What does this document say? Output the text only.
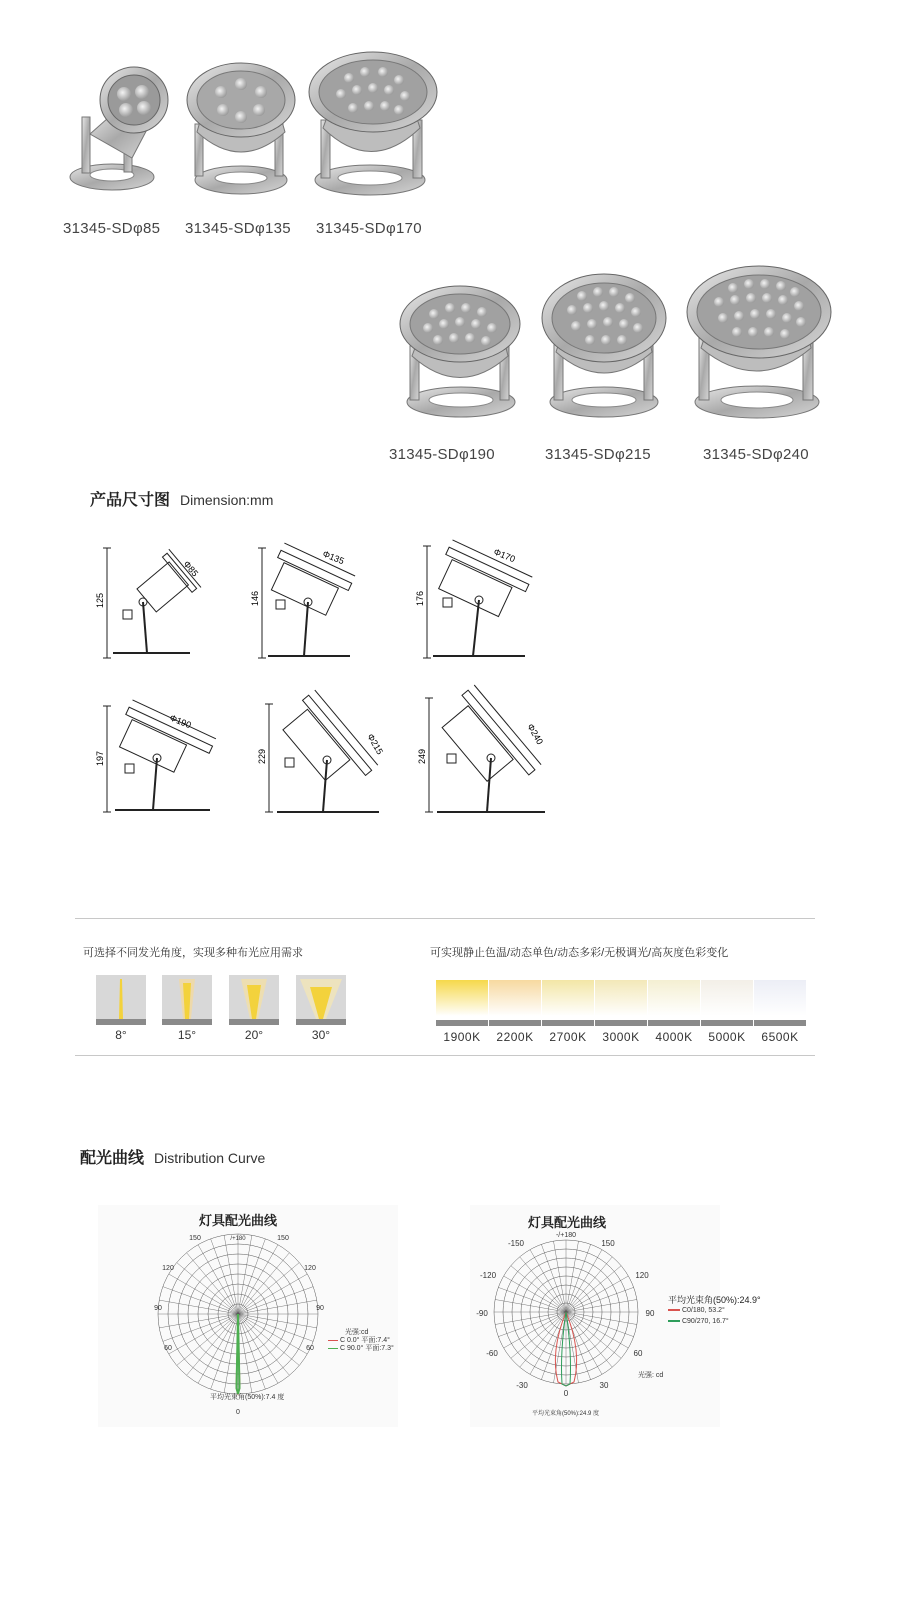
31345-SDφ85 31345-SDφ135 31345-SDφ170
31345-SDφ190	31345-SDφ215	31345-SDφ240
产品尺寸图 Dimension:mm
125
Φ85
146
Φ135
176
Φ170
197
Φ190
229
Φ215
249
Φ240
可选择不同发光角度，实现多种布光应用需求
8°	15°	20°	30°
可实现静止色温/动态单色/动态多彩/无极调光/高灰度色彩变化
1900K	2200K	2700K	3000K	4000K	5000K	6500K
配光曲线 Distribution Curve
灯具配光曲线	灯具配光曲线
/+180
150	150
120	120
90	90
60	60
0
-/+180
-150	150
-120	120
-90	90
-60	60
-30	30
0
光强:cd
C 0.0° 平面:7.4°
C 90.0° 平面:7.3°
平均光束角(50%):7.4 度
平均光束角(50%):24.9°
C0/180, 53.2°
C90/270, 16.7°
光强: cd
平均光束角(50%):24.9 度
